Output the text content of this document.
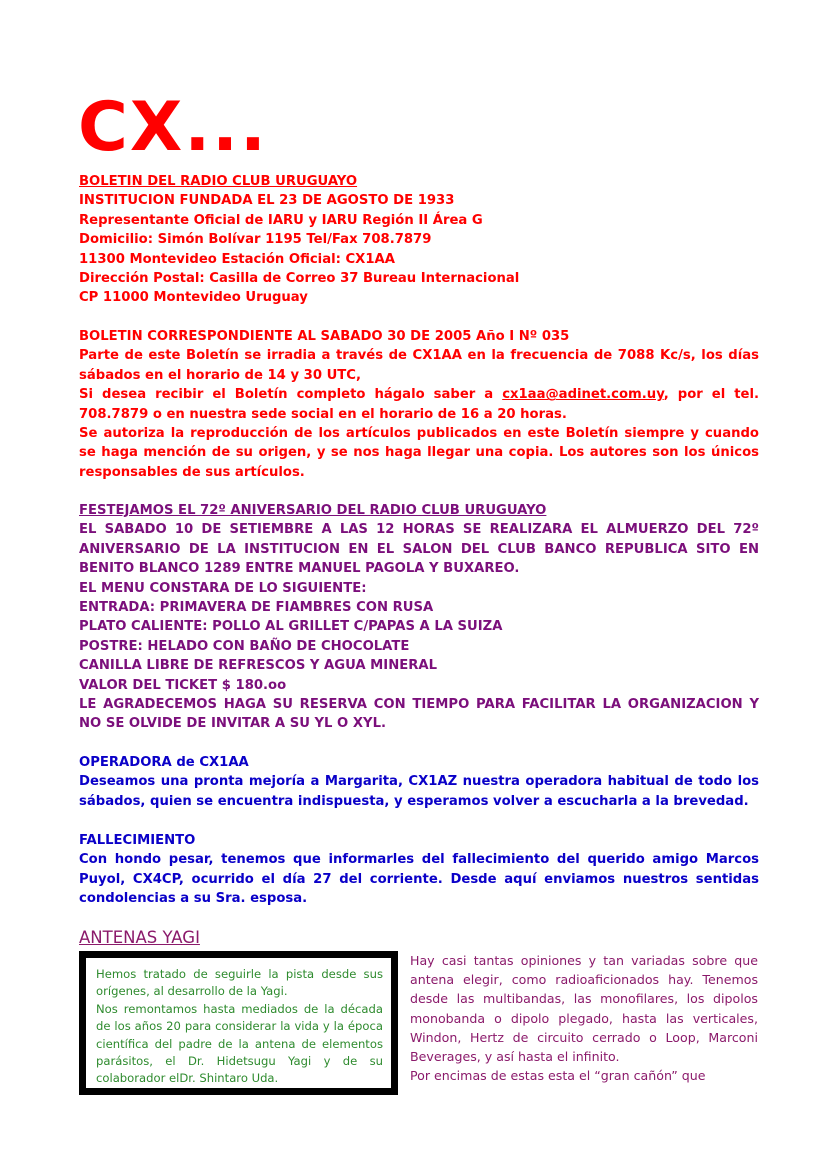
CX...
BOLETIN DEL RADIO CLUB URUGUAYO
INSTITUCION FUNDADA EL 23 DE AGOSTO DE 1933
Representante Oficial de IARU y IARU Región II Área G
Domicilio: Simón Bolívar 1195 Tel/Fax 708.7879
11300 Montevideo Estación Oficial: CX1AA
Dirección Postal: Casilla de Correo 37 Bureau Internacional
CP 11000 Montevideo Uruguay
BOLETIN CORRESPONDIENTE AL SABADO 30 DE 2005 Año I Nº 035
Parte de este Boletín se irradia a través de CX1AA en la frecuencia de 7088 Kc/s, los días sábados en el horario de 14 y 30 UTC,
Si desea recibir el Boletín completo hágalo saber a cx1aa@adinet.com.uy, por el tel. 708.7879 o en nuestra sede social en el horario de 16 a 20 horas.
Se autoriza la reproducción de los artículos publicados en este Boletín siempre y cuando se haga mención de su origen, y se nos haga llegar una copia. Los autores son los únicos responsables de sus artículos.
FESTEJAMOS EL 72º ANIVERSARIO DEL RADIO CLUB URUGUAYO
EL SABADO 10 DE SETIEMBRE A LAS 12 HORAS SE REALIZARA EL ALMUERZO DEL 72º ANIVERSARIO DE LA INSTITUCION EN EL SALON DEL CLUB BANCO REPUBLICA SITO EN BENITO BLANCO 1289 ENTRE MANUEL PAGOLA Y BUXAREO.
EL MENU CONSTARA DE LO SIGUIENTE:
ENTRADA: PRIMAVERA DE FIAMBRES CON RUSA
PLATO CALIENTE: POLLO AL GRILLET C/PAPAS A LA SUIZA
POSTRE: HELADO CON BAÑO DE CHOCOLATE
CANILLA LIBRE DE REFRESCOS Y AGUA MINERAL
VALOR DEL TICKET $ 180.oo
LE AGRADECEMOS HAGA SU RESERVA CON TIEMPO PARA FACILITAR LA ORGANIZACION Y NO SE OLVIDE DE INVITAR A SU YL O XYL.
OPERADORA de CX1AA
Deseamos una pronta mejoría a Margarita, CX1AZ nuestra operadora habitual de todo los sábados, quien se encuentra indispuesta, y esperamos volver a escucharla a la brevedad.
FALLECIMIENTO
Con hondo pesar, tenemos que informarles del fallecimiento del querido amigo Marcos Puyol, CX4CP, ocurrido el día 27 del corriente. Desde aquí enviamos nuestros sentidas condolencias a su Sra. esposa.
ANTENAS YAGI

Hemos tratado de seguirle la pista desde sus orígenes, al desarrollo de la Yagi.

Nos remontamos hasta mediados de la década de los años 20 para considerar la vida y la época científica del padre de la antena de elementos parásitos, el Dr. Hidetsugu Yagi y de su colaborador elDr. Shintaro Uda.

Hay casi tantas opiniones y tan variadas sobre que antena elegir, como radioaficionados hay. Tenemos desde las multibandas, las monofilares, los dipolos monobanda o dipolo plegado, hasta las verticales, Windon, Hertz de circuito cerrado o Loop, Marconi Beverages, y así hasta el infinito.

Por encimas de estas esta el “gran cañón” que
